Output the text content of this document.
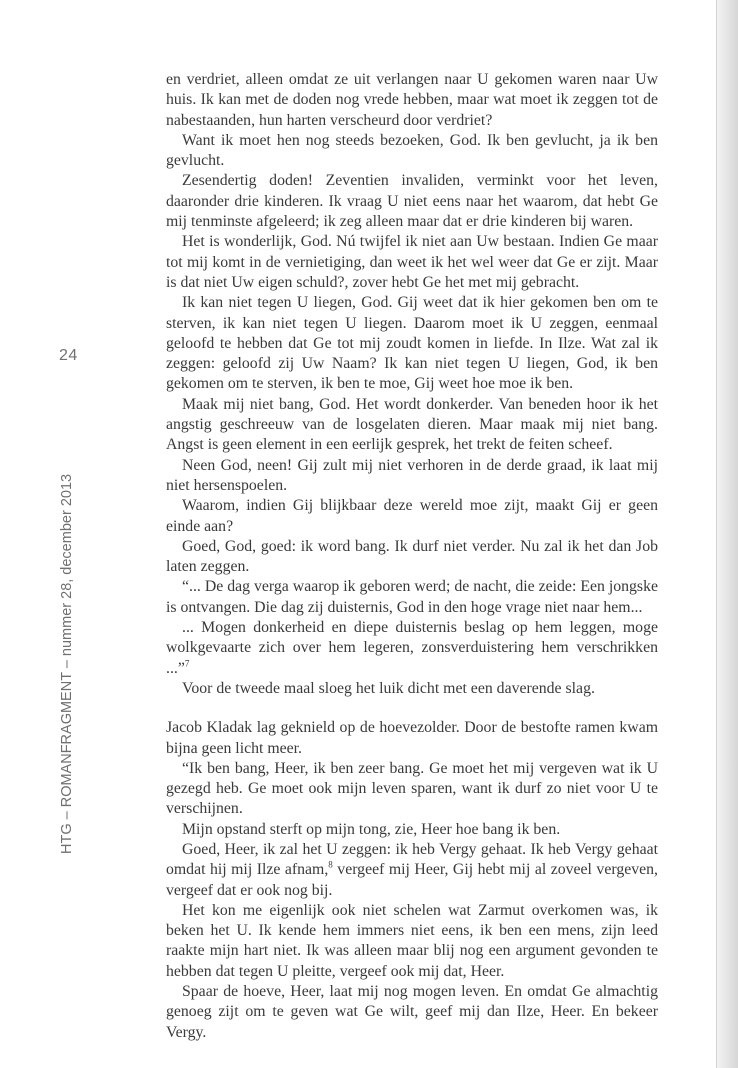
24
HTG – ROMANFRAGMENT – nummer 28, december 2013

en verdriet, alleen omdat ze uit verlangen naar U gekomen waren naar Uw huis. Ik kan met de doden nog vrede hebben, maar wat moet ik zeggen tot de nabestaanden, hun harten verscheurd door verdriet?

Want ik moet hen nog steeds bezoeken, God. Ik ben gevlucht, ja ik ben gevlucht.

Zesendertig doden! Zeventien invaliden, verminkt voor het leven, daaronder drie kinderen. Ik vraag U niet eens naar het waarom, dat hebt Ge mij tenminste afgeleerd; ik zeg alleen maar dat er drie kinderen bij waren.

Het is wonderlijk, God. Nú twijfel ik niet aan Uw bestaan. Indien Ge maar tot mij komt in de vernietiging, dan weet ik het wel weer dat Ge er zijt. Maar is dat niet Uw eigen schuld?, zover hebt Ge het met mij gebracht.

Ik kan niet tegen U liegen, God. Gij weet dat ik hier gekomen ben om te sterven, ik kan niet tegen U liegen. Daarom moet ik U zeggen, eenmaal geloofd te hebben dat Ge tot mij zoudt komen in liefde. In Ilze. Wat zal ik zeggen: geloofd zij Uw Naam? Ik kan niet tegen U liegen, God, ik ben gekomen om te sterven, ik ben te moe, Gij weet hoe moe ik ben.

Maak mij niet bang, God. Het wordt donkerder. Van beneden hoor ik het angstig geschreeuw van de losgelaten dieren. Maar maak mij niet bang. Angst is geen element in een eerlijk gesprek, het trekt de feiten scheef.

Neen God, neen! Gij zult mij niet verhoren in de derde graad, ik laat mij niet hersenspoelen.

Waarom, indien Gij blijkbaar deze wereld moe zijt, maakt Gij er geen einde aan?

Goed, God, goed: ik word bang. Ik durf niet verder. Nu zal ik het dan Job laten zeggen.

“... De dag verga waarop ik geboren werd; de nacht, die zeide: Een jongske is ontvangen. Die dag zij duisternis, God in den hoge vrage niet naar hem...

... Mogen donkerheid en diepe duisternis beslag op hem leggen, moge wolkgevaarte zich over hem legeren, zonsverduistering hem verschrikken ...”$^7$

Voor de tweede maal sloeg het luik dicht met een daverende slag.

Jacob Kladak lag geknield op de hoevezolder. Door de bestofte ramen kwam bijna geen licht meer.

“Ik ben bang, Heer, ik ben zeer bang. Ge moet het mij vergeven wat ik U gezegd heb. Ge moet ook mijn leven sparen, want ik durf zo niet voor U te verschijnen.

Mijn opstand sterft op mijn tong, zie, Heer hoe bang ik ben.

Goed, Heer, ik zal het U zeggen: ik heb Vergy gehaat. Ik heb Vergy gehaat omdat hij mij Ilze afnam,$^8$ vergeef mij Heer, Gij hebt mij al zoveel vergeven, vergeef dat er ook nog bij.

Het kon me eigenlijk ook niet schelen wat Zarmut overkomen was, ik beken het U. Ik kende hem immers niet eens, ik ben een mens, zijn leed raakte mijn hart niet. Ik was alleen maar blij nog een argument gevonden te hebben dat tegen U pleitte, vergeef ook mij dat, Heer.

Spaar de hoeve, Heer, laat mij nog mogen leven. En omdat Ge almachtig genoeg zijt om te geven wat Ge wilt, geef mij dan Ilze, Heer. En bekeer Vergy.
